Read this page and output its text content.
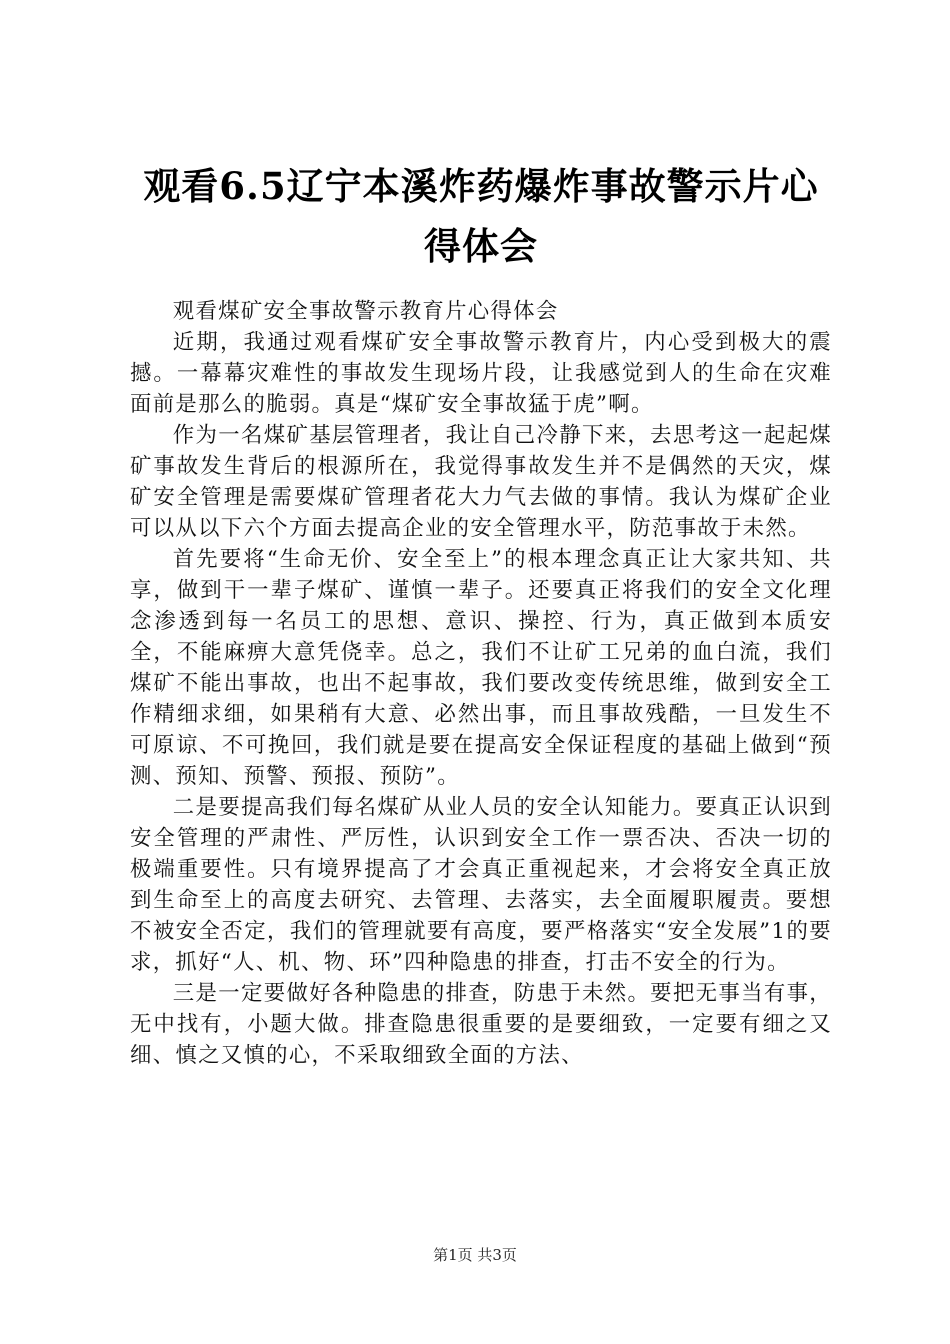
观看6.5辽宁本溪炸药爆炸事故警示片心得体会

观看煤矿安全事故警示教育片心得体会

近期，我通过观看煤矿安全事故警示教育片，内心受到极大的震撼。一幕幕灾难性的事故发生现场片段，让我感觉到人的生命在灾难面前是那么的脆弱。真是“煤矿安全事故猛于虎”啊。

作为一名煤矿基层管理者，我让自己冷静下来，去思考这一起起煤矿事故发生背后的根源所在，我觉得事故发生并不是偶然的天灾，煤矿安全管理是需要煤矿管理者花大力气去做的事情。我认为煤矿企业可以从以下六个方面去提高企业的安全管理水平，防范事故于未然。

首先要将“生命无价、安全至上”的根本理念真正让大家共知、共享，做到干一辈子煤矿、谨慎一辈子。还要真正将我们的安全文化理念渗透到每一名员工的思想、意识、操控、行为，真正做到本质安全，不能麻痹大意凭侥幸。总之，我们不让矿工兄弟的血白流，我们煤矿不能出事故，也出不起事故，我们要改变传统思维，做到安全工作精细求细，如果稍有大意、必然出事，而且事故残酷，一旦发生不可原谅、不可挽回，我们就是要在提高安全保证程度的基础上做到“预测、预知、预警、预报、预防”。

二是要提高我们每名煤矿从业人员的安全认知能力。要真正认识到安全管理的严肃性、严厉性，认识到安全工作一票否决、否决一切的极端重要性。只有境界提高了才会真正重视起来，才会将安全真正放到生命至上的高度去研究、去管理、去落实，去全面履职履责。要想不被安全否定，我们的管理就要有高度，要严格落实“安全发展”1的要求，抓好“人、机、物、环”四种隐患的排查，打击不安全的行为。

三是一定要做好各种隐患的排查，防患于未然。要把无事当有事，无中找有，小题大做。排查隐患很重要的是要细致，一定要有细之又细、慎之又慎的心，不采取细致全面的方法、

第1页 共3页
